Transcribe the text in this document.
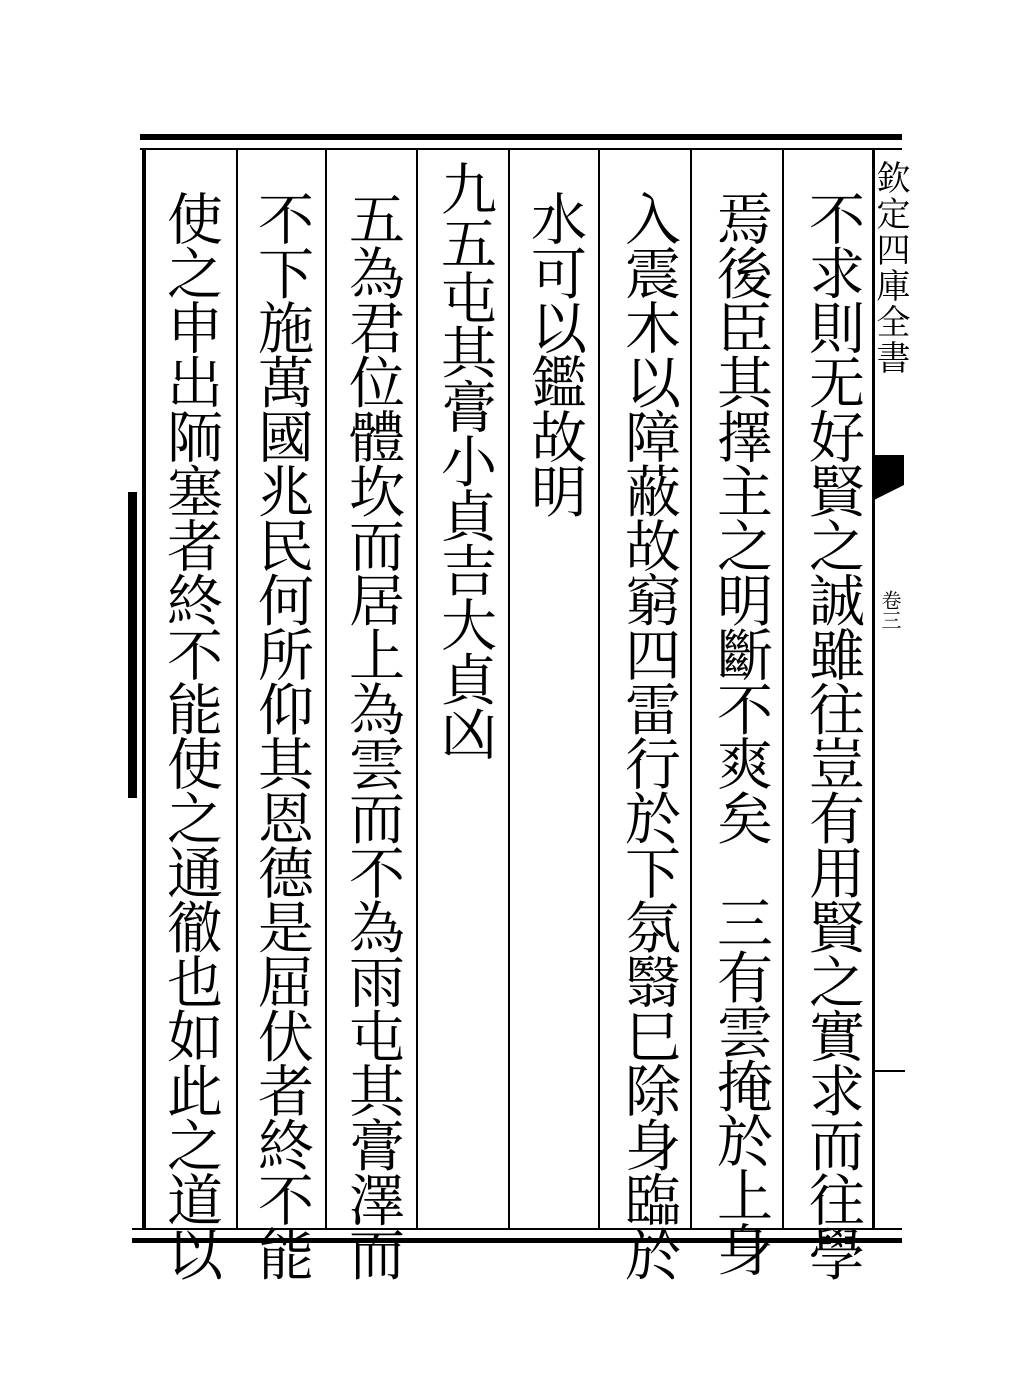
欽定四庫全書
卷三
不求則无好賢之誠雖往豈有用賢之實求而往學
焉後臣其擇主之明斷不爽矣三有雲掩於上身
入震木以障蔽故窮四雷行於下氛翳巳除身臨於
水可以鑑故明
九五屯其膏小貞吉大貞凶
五為君位體坎而居上為雲而不為雨屯其膏澤而
不下施萬國兆民何所仰其恩德是屈伏者終不能
使之申出陑塞者終不能使之通徹也如此之道以
